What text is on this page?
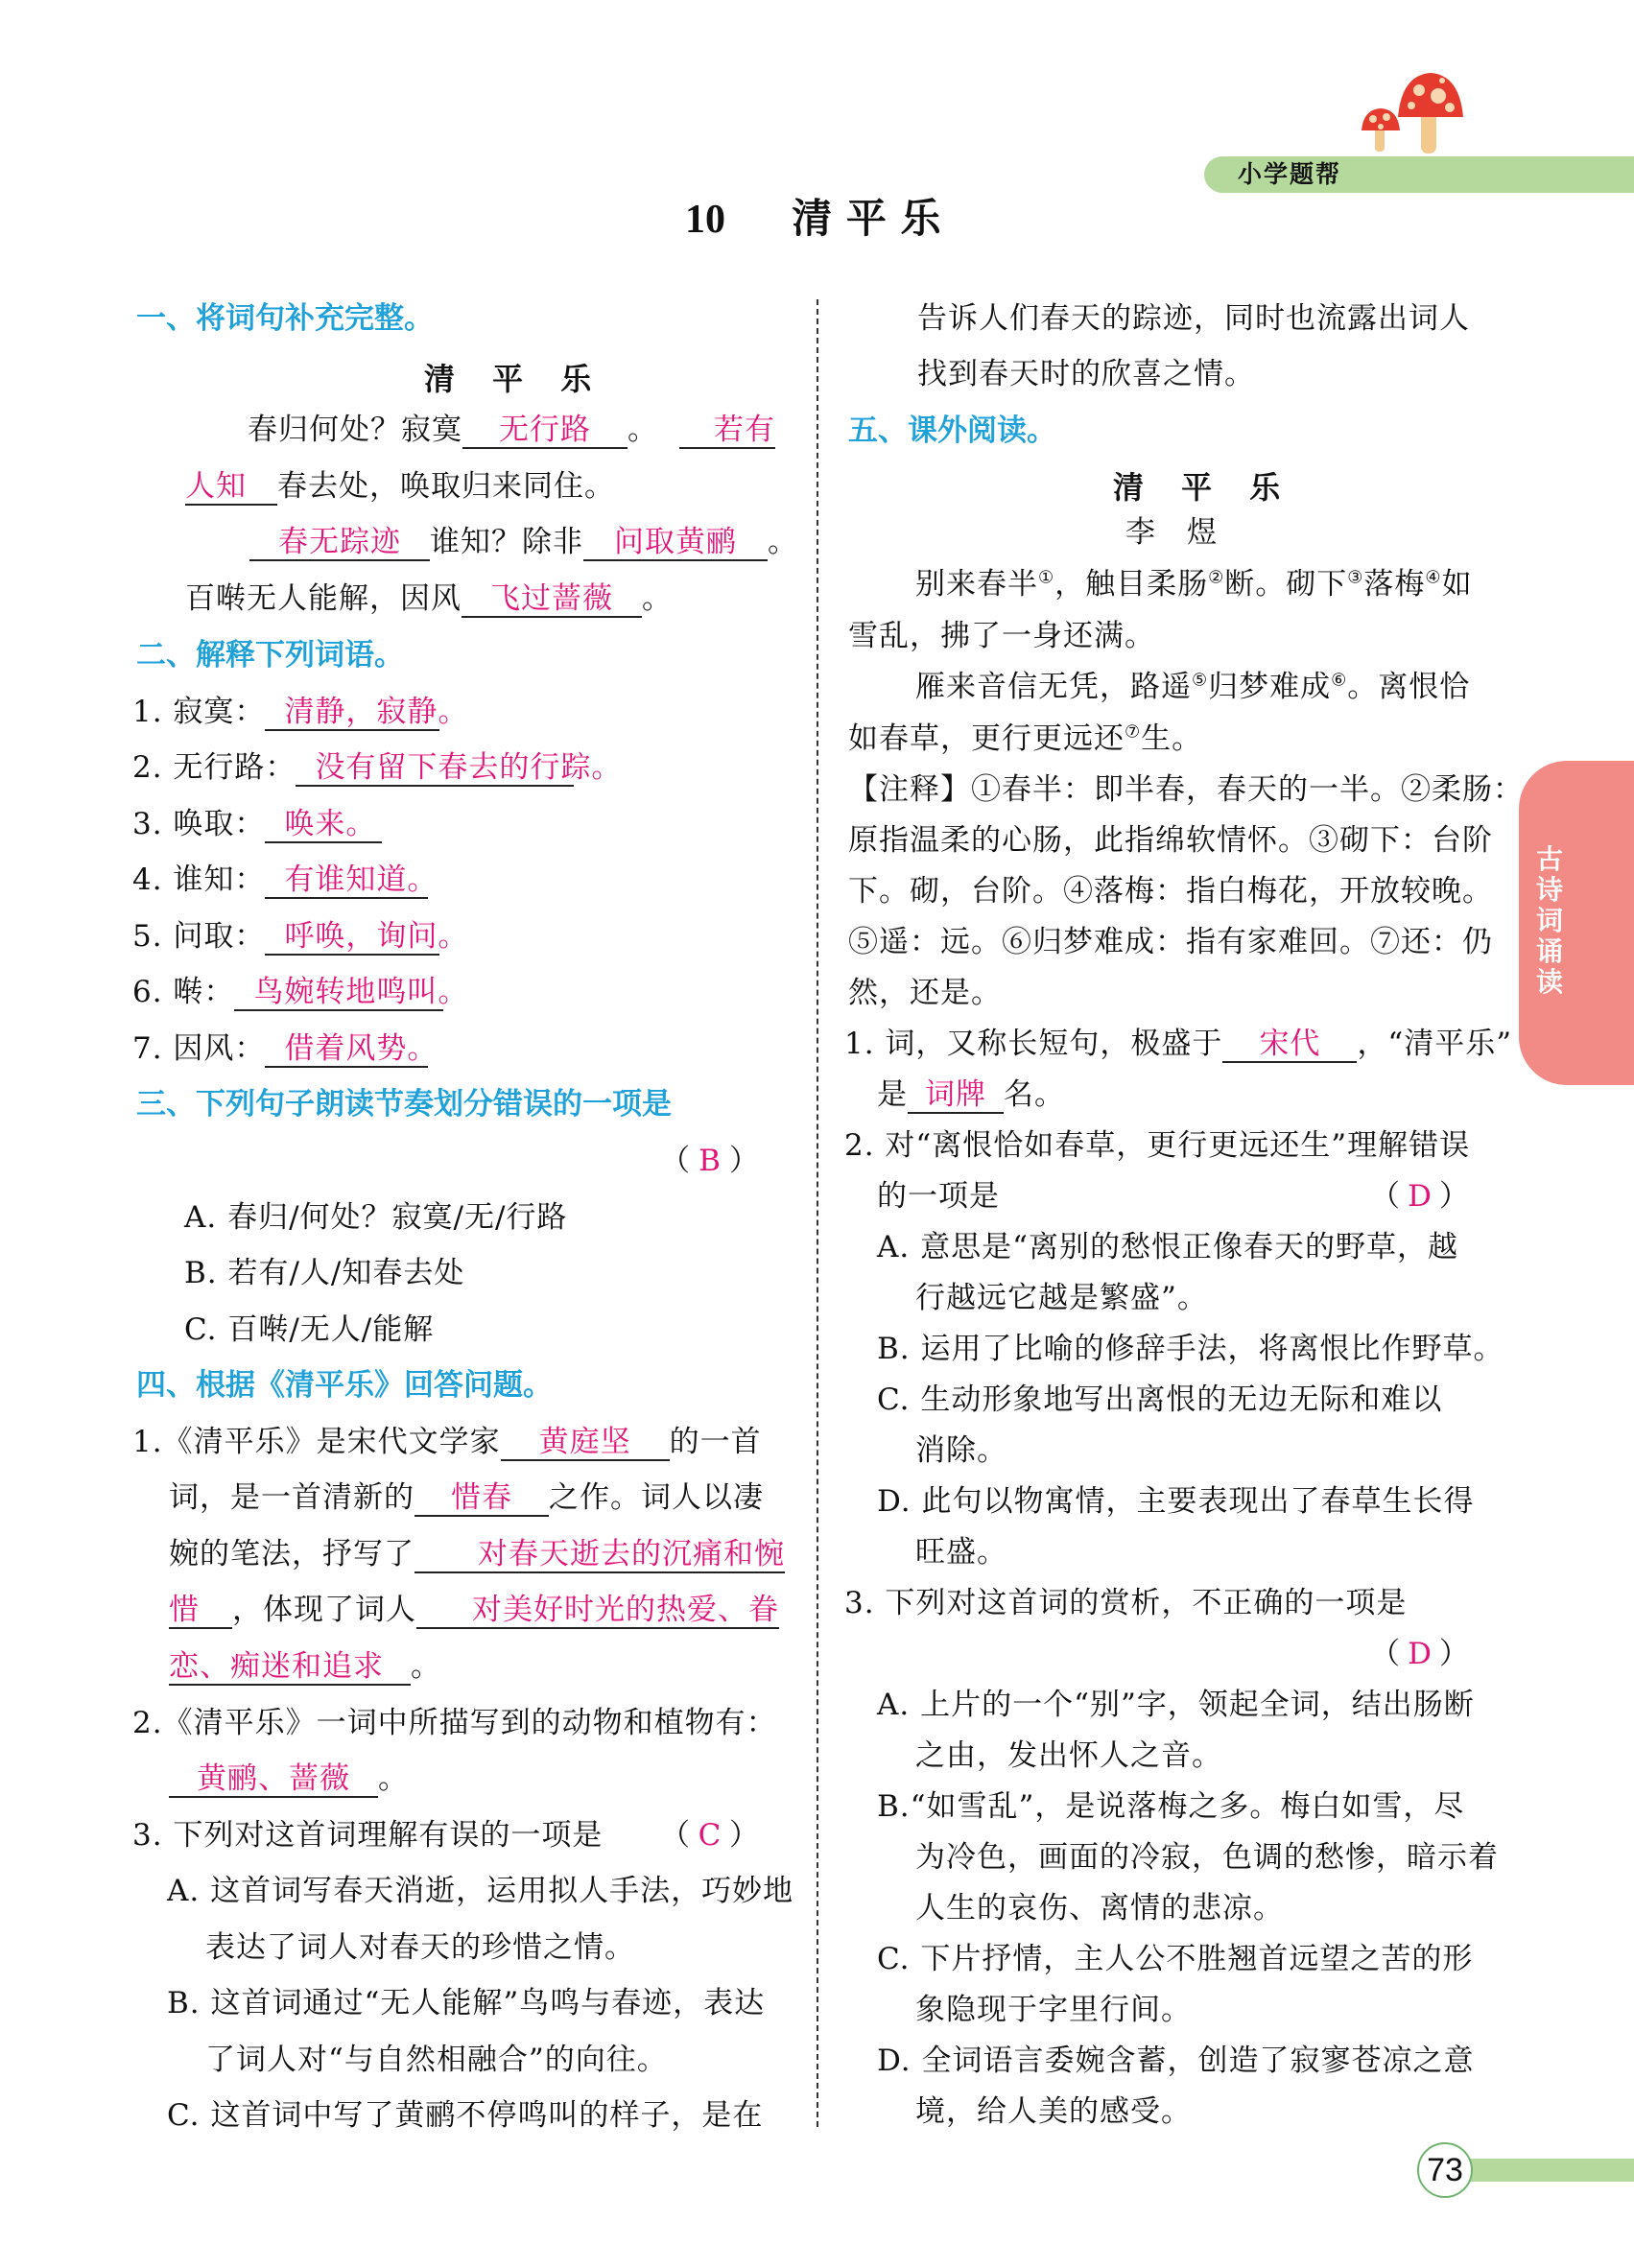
小学题帮
10 清 平 乐
古诗词诵读
一、将词句补充完整。
清 平 乐
春归何处？寂寞 无行路 。 若有
人知 春去处，唤取归来同住。
春无踪迹 谁知？除非 问取黄鹂 。
百啭无人能解，因风 飞过蔷薇 。
二、解释下列词语。
1. 寂寞： 清静，寂静。
2. 无行路： 没有留下春去的行踪。
3. 唤取： 唤来。
4. 谁知： 有谁知道。
5. 问取： 呼唤，询问。
6. 啭： 鸟婉转地鸣叫。
7. 因风： 借着风势。
三、下列句子朗读节奏划分错误的一项是
（ B ）
A. 春归/何处？寂寞/无/行路
B. 若有/人/知春去处
C. 百啭/无人/能解
四、根据《清平乐》回答问题。
1.《清平乐》是宋代文学家 黄庭坚 的一首
词，是一首清新的 惜春 之作。词人以凄
婉的笔法，抒写了 对春天逝去的沉痛和惋
惜 ，体现了词人 对美好时光的热爱、眷
恋、痴迷和追求 。
2.《清平乐》一词中所描写到的动物和植物有：
黄鹂、蔷薇 。
3. 下列对这首词理解有误的一项是 （ C ）
A. 这首词写春天消逝，运用拟人手法，巧妙地
表达了词人对春天的珍惜之情。
B. 这首词通过“无人能解”鸟鸣与春迹，表达
了词人对“与自然相融合”的向往。
C. 这首词中写了黄鹂不停鸣叫的样子，是在
告诉人们春天的踪迹，同时也流露出词人
找到春天时的欣喜之情。
五、课外阅读。
清 平 乐
李　煜
别来春半①，触目柔肠②断。砌下③落梅④如
雪乱，拂了一身还满。
雁来音信无凭，路遥⑤归梦难成⑥。离恨恰
如春草，更行更远还⑦生。
【注释】①春半：即半春，春天的一半。②柔肠：
原指温柔的心肠，此指绵软情怀。③砌下：台阶
下。砌，台阶。④落梅：指白梅花，开放较晚。
⑤遥：远。⑥归梦难成：指有家难回。⑦还：仍
然，还是。
1. 词，又称长短句，极盛于 宋代 ，“清平乐”
是 词牌 名。
2. 对“离恨恰如春草，更行更远还生”理解错误
的一项是	（ D ）
A. 意思是“离别的愁恨正像春天的野草，越
行越远它越是繁盛”。
B. 运用了比喻的修辞手法，将离恨比作野草。
C. 生动形象地写出离恨的无边无际和难以
消除。
D. 此句以物寓情，主要表现出了春草生长得
旺盛。
3. 下列对这首词的赏析，不正确的一项是
（ D ）
A. 上片的一个“别”字，领起全词，结出肠断
之由，发出怀人之音。
B.“如雪乱”，是说落梅之多。梅白如雪，尽
为冷色，画面的冷寂，色调的愁惨，暗示着
人生的哀伤、离情的悲凉。
C. 下片抒情，主人公不胜翘首远望之苦的形
象隐现于字里行间。
D. 全词语言委婉含蓄，创造了寂寥苍凉之意
境，给人美的感受。
73
